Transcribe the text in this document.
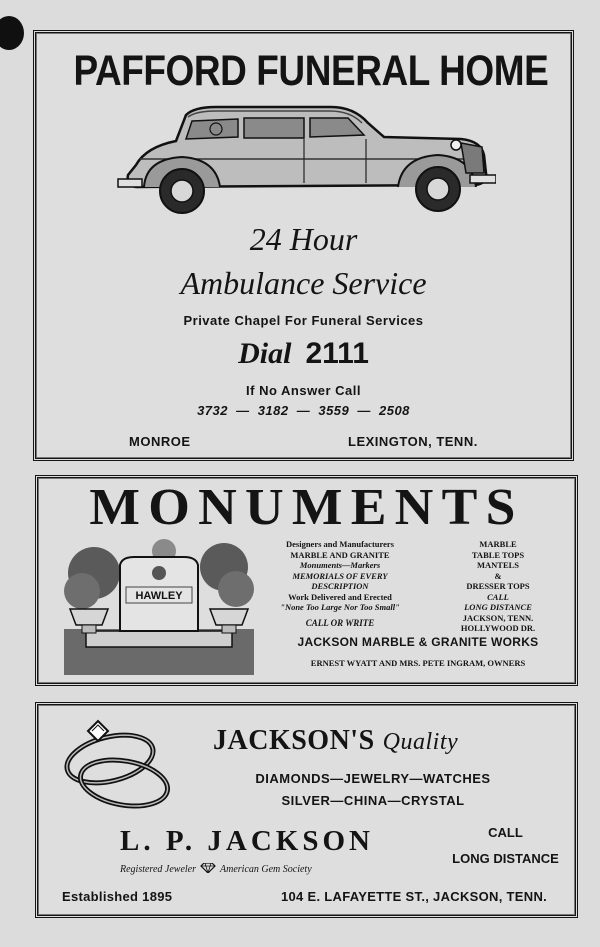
PAFFORD FUNERAL HOME
24 Hour
Ambulance Service
Private Chapel For Funeral Services
Dial 2111
If No Answer Call
3732 — 3182 — 3559 — 2508
MONROE	LEXINGTON, TENN.
MONUMENTS
HAWLEY
Designers and Manufacturers
MARBLE AND GRANITE
Monuments—Markers
MEMORIALS OF EVERY
DESCRIPTION
Work Delivered and Erected
"None Too Large Nor Too Small"
CALL OR WRITE
MARBLE
TABLE TOPS
MANTELS
&
DRESSER TOPS
CALL
LONG DISTANCE
JACKSON, TENN.
HOLLYWOOD DR.
JACKSON MARBLE & GRANITE WORKS
ERNEST WYATT AND MRS. PETE INGRAM, OWNERS
JACKSON'S Quality
DIAMONDS—JEWELRY—WATCHES
SILVER—CHINA—CRYSTAL
L. P. JACKSON
Registered Jeweler American Gem Society
CALL
LONG DISTANCE
Established 1895	104 E. LAFAYETTE ST., JACKSON, TENN.
